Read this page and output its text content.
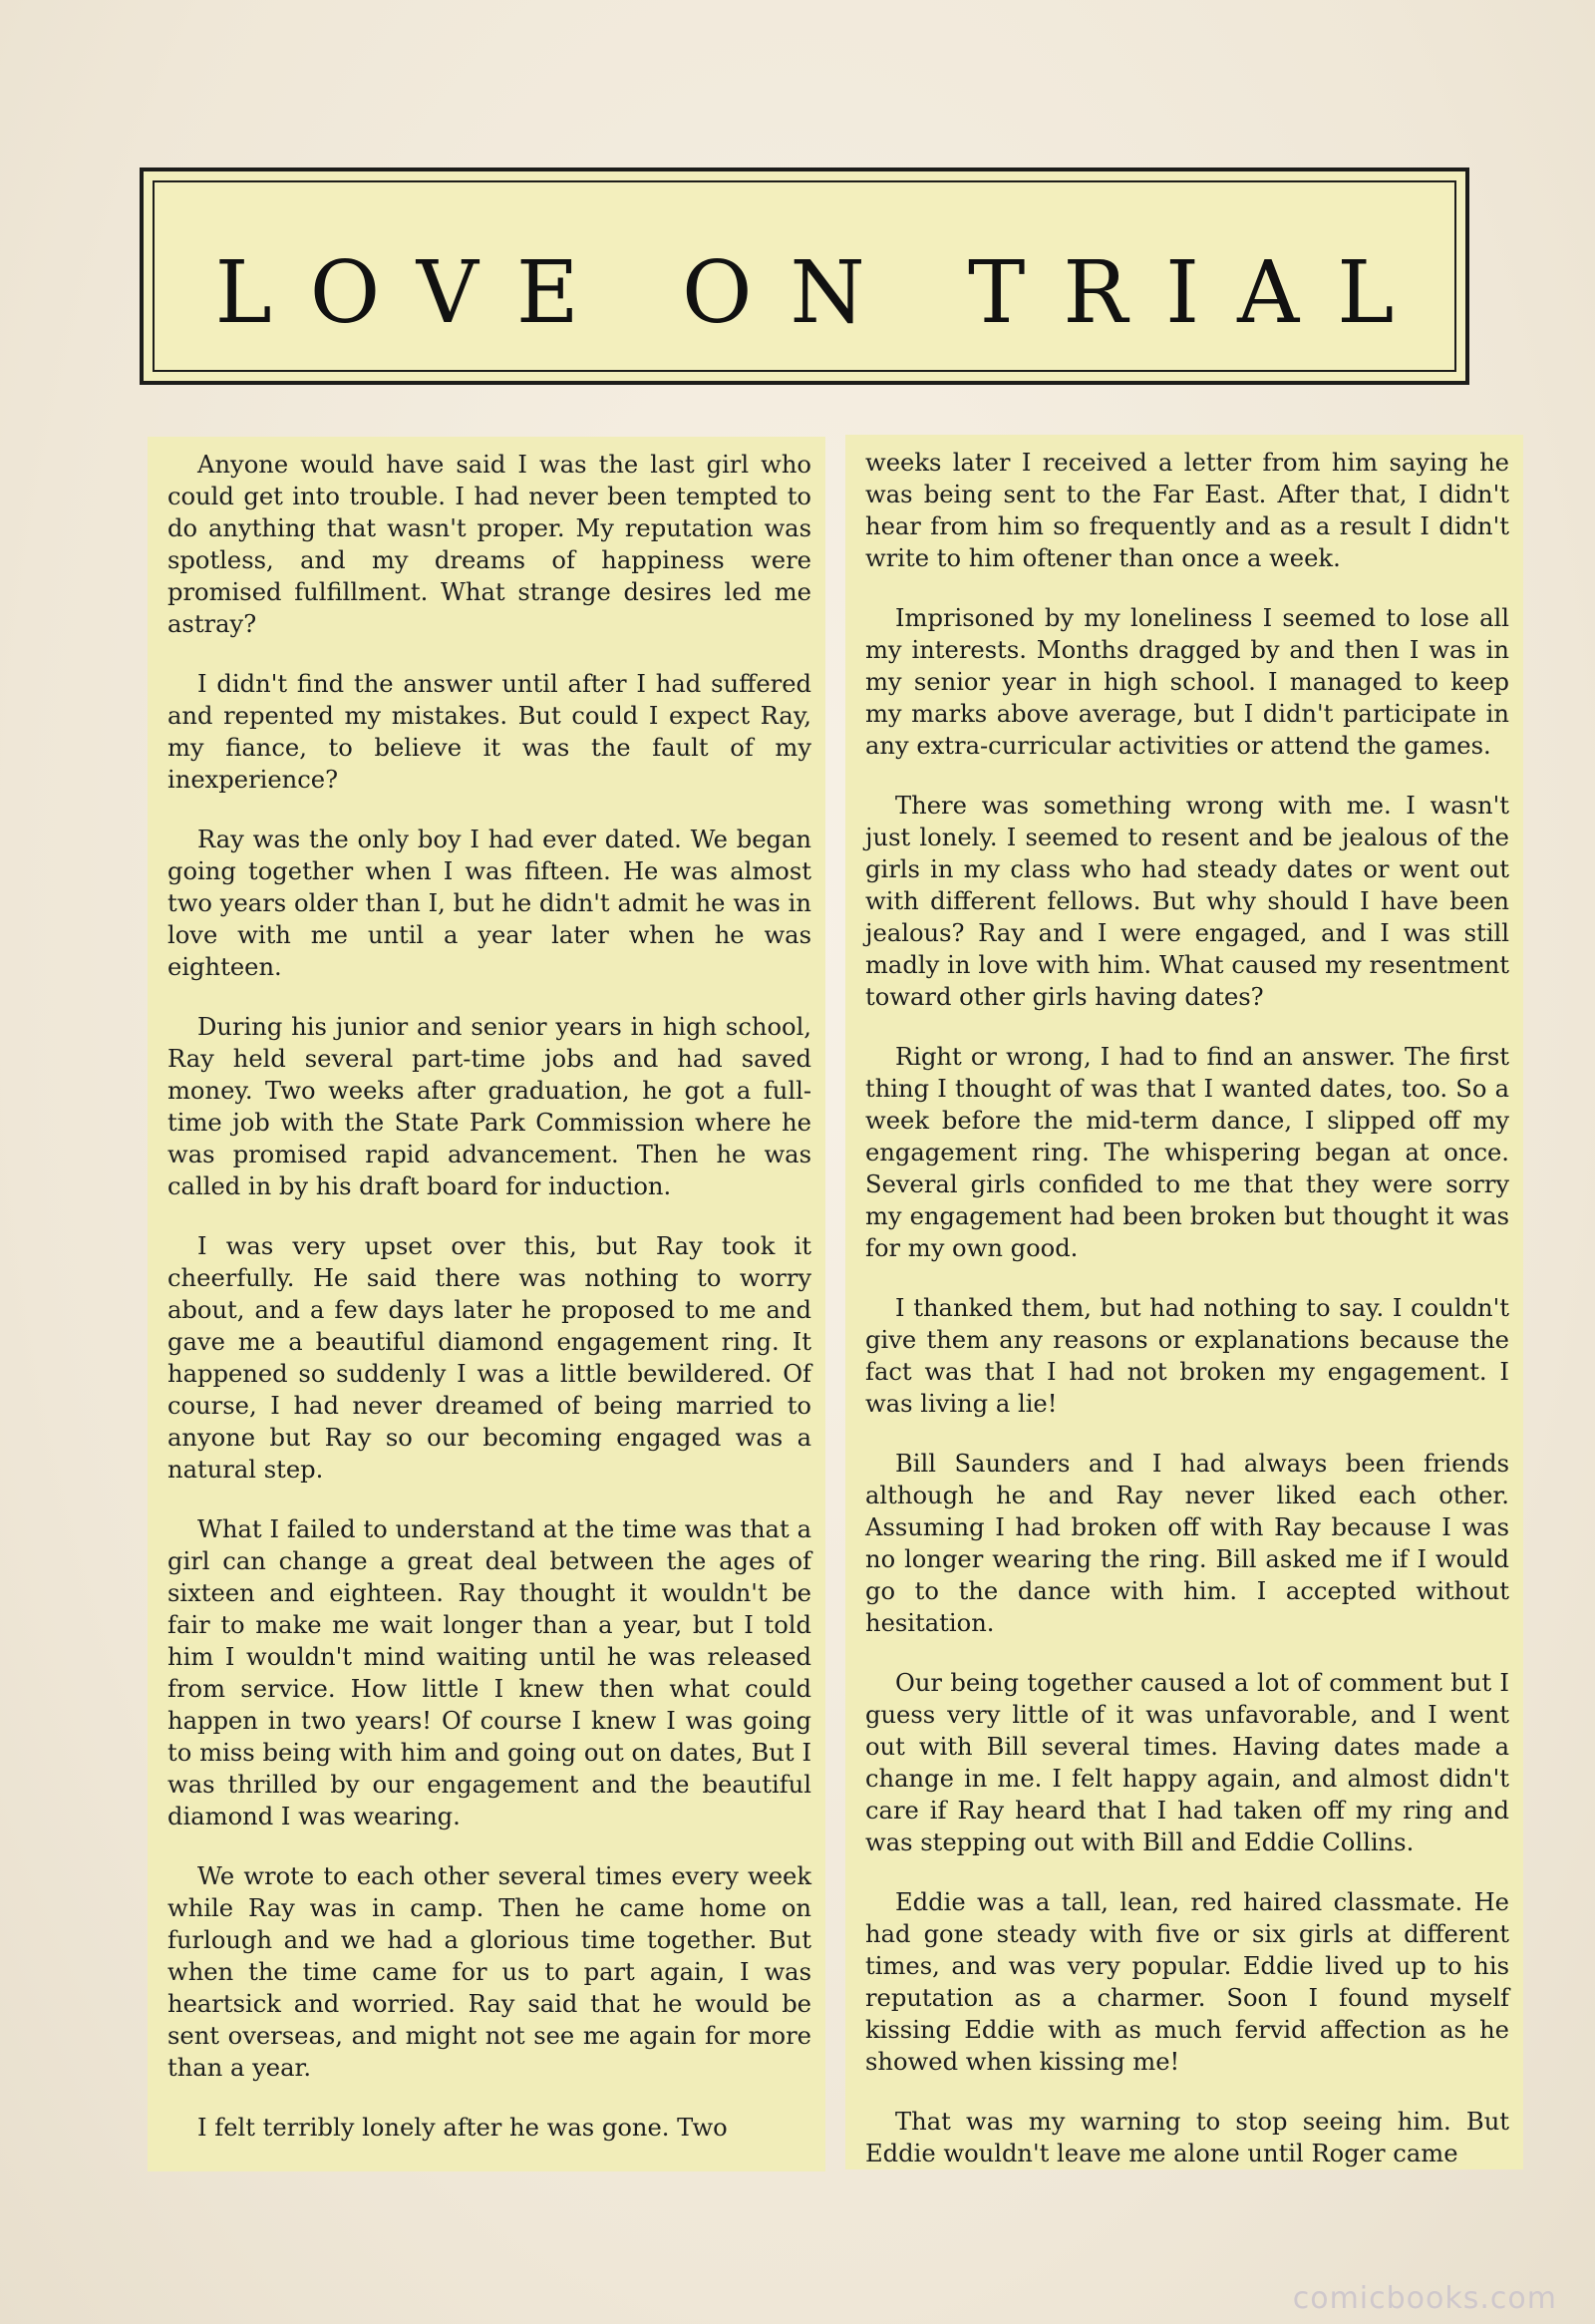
LOVE ON TRIAL

Anyone would have said I was the last girl who could get into trouble. I had never been tempted to do anything that wasn't proper. My reputation was spotless, and my dreams of happiness were promised fulfillment. What strange desires led me astray?

I didn't find the answer until after I had suffered and repented my mistakes. But could I expect Ray, my fiance, to believe it was the fault of my inexperience?

Ray was the only boy I had ever dated. We began going together when I was fifteen. He was almost two years older than I, but he didn't admit he was in love with me until a year later when he was eighteen.

During his junior and senior years in high school, Ray held several part-time jobs and had saved money. Two weeks after graduation, he got a full-time job with the State Park Commission where he was promised rapid advancement. Then he was called in by his draft board for induction.

I was very upset over this, but Ray took it cheerfully. He said there was nothing to worry about, and a few days later he proposed to me and gave me a beautiful diamond engagement ring. It happened so suddenly I was a little bewildered. Of course, I had never dreamed of being married to anyone but Ray so our becoming engaged was a natural step.

What I failed to understand at the time was that a girl can change a great deal between the ages of sixteen and eighteen. Ray thought it wouldn't be fair to make me wait longer than a year, but I told him I wouldn't mind waiting until he was released from service. How little I knew then what could happen in two years! Of course I knew I was going to miss being with him and going out on dates, But I was thrilled by our engagement and the beautiful diamond I was wearing.

We wrote to each other several times every week while Ray was in camp. Then he came home on furlough and we had a glorious time together. But when the time came for us to part again, I was heartsick and worried. Ray said that he would be sent overseas, and might not see me again for more than a year.

I felt terribly lonely after he was gone. Two

weeks later I received a letter from him saying he was being sent to the Far East. After that, I didn't hear from him so frequently and as a result I didn't write to him oftener than once a week.

Imprisoned by my loneliness I seemed to lose all my interests. Months dragged by and then I was in my senior year in high school. I managed to keep my marks above average, but I didn't participate in any extra-curricular activities or attend the games.

There was something wrong with me. I wasn't just lonely. I seemed to resent and be jealous of the girls in my class who had steady dates or went out with different fellows. But why should I have been jealous? Ray and I were engaged, and I was still madly in love with him. What caused my resentment toward other girls having dates?

Right or wrong, I had to find an answer. The first thing I thought of was that I wanted dates, too. So a week before the mid-term dance, I slipped off my engagement ring. The whispering began at once. Several girls confided to me that they were sorry my engagement had been broken but thought it was for my own good.

I thanked them, but had nothing to say. I couldn't give them any reasons or explanations because the fact was that I had not broken my engagement. I was living a lie!

Bill Saunders and I had always been friends although he and Ray never liked each other. Assuming I had broken off with Ray because I was no longer wearing the ring. Bill asked me if I would go to the dance with him. I accepted without hesitation.

Our being together caused a lot of comment but I guess very little of it was unfavorable, and I went out with Bill several times. Having dates made a change in me. I felt happy again, and almost didn't care if Ray heard that I had taken off my ring and was stepping out with Bill and Eddie Collins.

Eddie was a tall, lean, red haired classmate. He had gone steady with five or six girls at different times, and was very popular. Eddie lived up to his reputation as a charmer. Soon I found myself kissing Eddie with as much fervid affection as he showed when kissing me!

That was my warning to stop seeing him. But Eddie wouldn't leave me alone until Roger came

comicbooks.com
